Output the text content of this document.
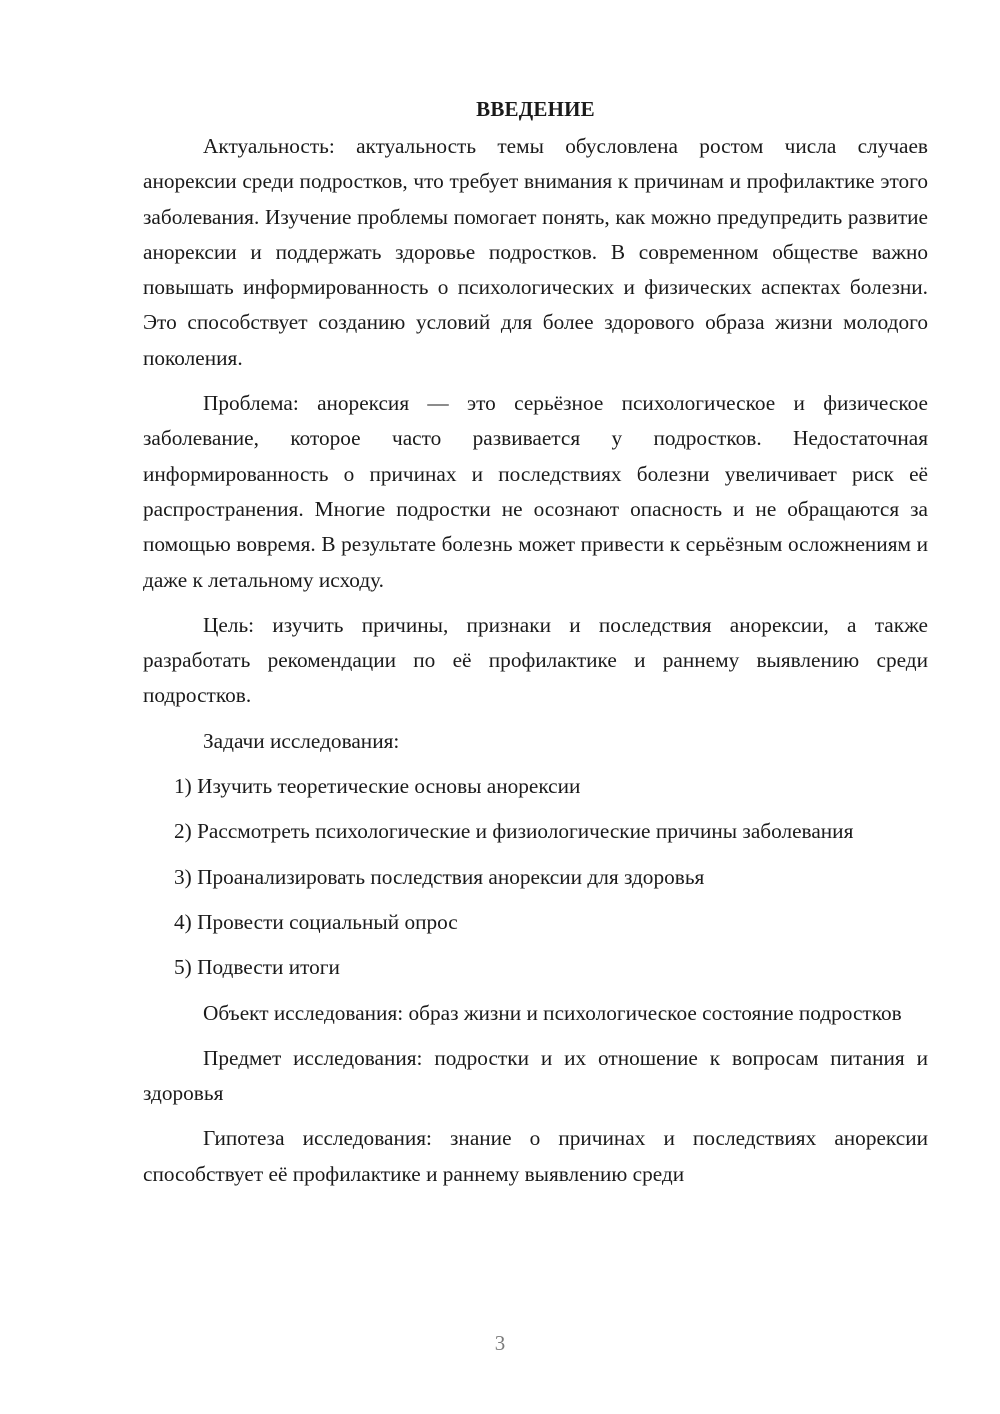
ВВЕДЕНИЕ

Актуальность: актуальность темы обусловлена ростом числа случаев анорексии среди подростков, что требует внимания к причинам и профилактике этого заболевания. Изучение проблемы помогает понять, как можно предупредить развитие анорексии и поддержать здоровье подростков. В современном обществе важно повышать информированность о психологических и физических аспектах болезни. Это способствует созданию условий для более здорового образа жизни молодого поколения.

Проблема: анорексия — это серьёзное психологическое и физическое заболевание, которое часто развивается у подростков. Недостаточная информированность о причинах и последствиях болезни увеличивает риск её распространения. Многие подростки не осознают опасность и не обращаются за помощью вовремя. В результате болезнь может привести к серьёзным осложнениям и даже к летальному исходу.

Цель: изучить причины, признаки и последствия анорексии, а также разработать рекомендации по её профилактике и раннему выявлению среди подростков.

Задачи исследования:

1) Изучить теоретические основы анорексии

2) Рассмотреть психологические и физиологические причины заболевания

3) Проанализировать последствия анорексии для здоровья

4) Провести социальный опрос

5) Подвести итоги

Объект исследования: образ жизни и психологическое состояние подростков

Предмет исследования: подростки и их отношение к вопросам питания и здоровья

Гипотеза исследования: знание о причинах и последствиях анорексии способствует её профилактике и раннему выявлению среди

3
